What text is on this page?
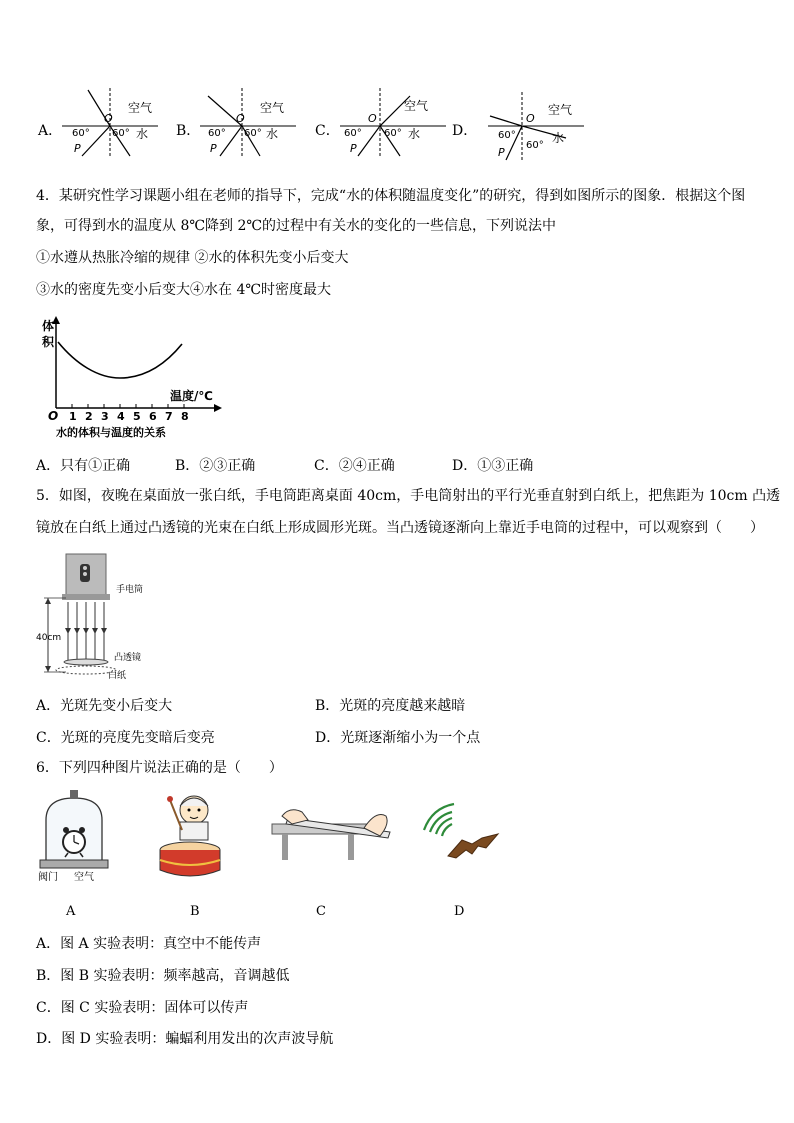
A．
O
空气
60° 60° 水
P
B．
O
空气
60° 60° 水
P
C．
O
空气
60° 60° 水
P
D．
O
空气
60°
60°
水
P
4．某研究性学习课题小组在老师的指导下，完成“水的体积随温度变化”的研究，得到如图所示的图象．根据这个图
象，可得到水的温度从 8℃降到 2℃的过程中有关水的变化的一些信息，下列说法中
①水遵从热胀冷缩的规律 ②水的体积先变小后变大
③水的密度先变小后变大④水在 4℃时密度最大
体
积
温度/℃
O 1 2 3 4 5 6 7 8
水的体积与温度的关系
A．只有①正确	B．②③正确	C．②④正确	D．①③正确
5．如图，夜晚在桌面放一张白纸，手电筒距离桌面 40cm，手电筒射出的平行光垂直射到白纸上，把焦距为 10cm 凸透
镜放在白纸上通过凸透镜的光束在白纸上形成圆形光斑。当凸透镜逐渐向上靠近手电筒的过程中，可以观察到（　　）
40cm
手电筒
凸透镜
白纸
A．光斑先变小后变大	B．光斑的亮度越来越暗
C．光斑的亮度先变暗后变亮	D．光斑逐渐缩小为一个点
6．下列四种图片说法正确的是（　　）
阀门 空气
A	B	C	D
A．图 A 实验表明：真空中不能传声
B．图 B 实验表明：频率越高，音调越低
C．图 C 实验表明：固体可以传声
D．图 D 实验表明：蝙蝠利用发出的次声波导航
